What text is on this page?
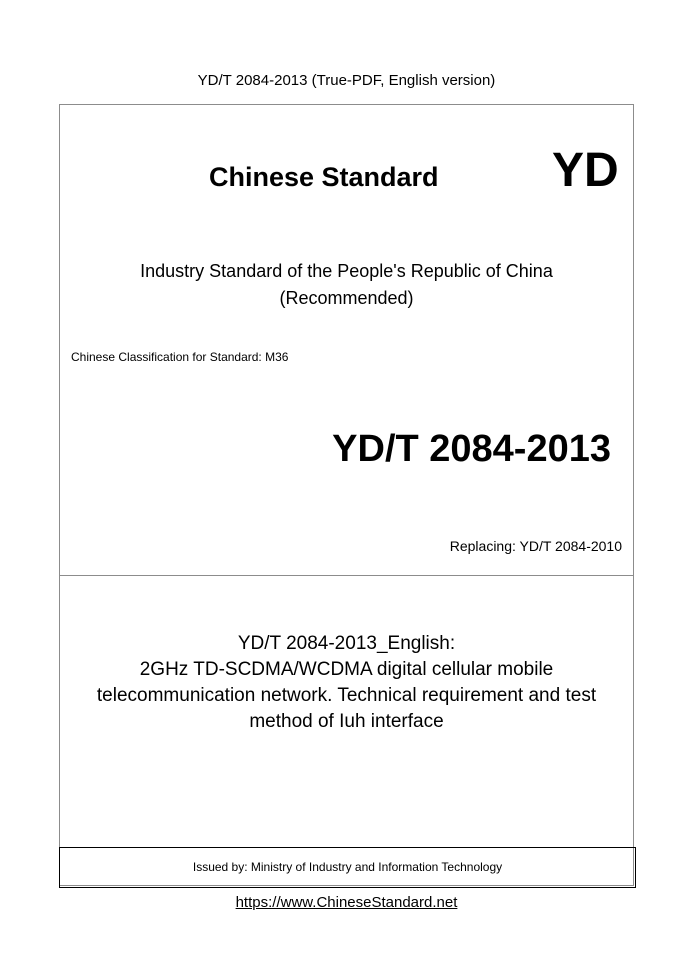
YD/T 2084-2013 (True-PDF, English version)
Chinese Standard YD
Industry Standard of the People's Republic of China
(Recommended)
Chinese Classification for Standard: M36
YD/T 2084-2013
Replacing: YD/T 2084-2010
YD/T 2084-2013_English:
2GHz TD-SCDMA/WCDMA digital cellular mobile
telecommunication network. Technical requirement and test
method of Iuh interface
Issued by: Ministry of Industry and Information Technology
https://www.ChineseStandard.net
